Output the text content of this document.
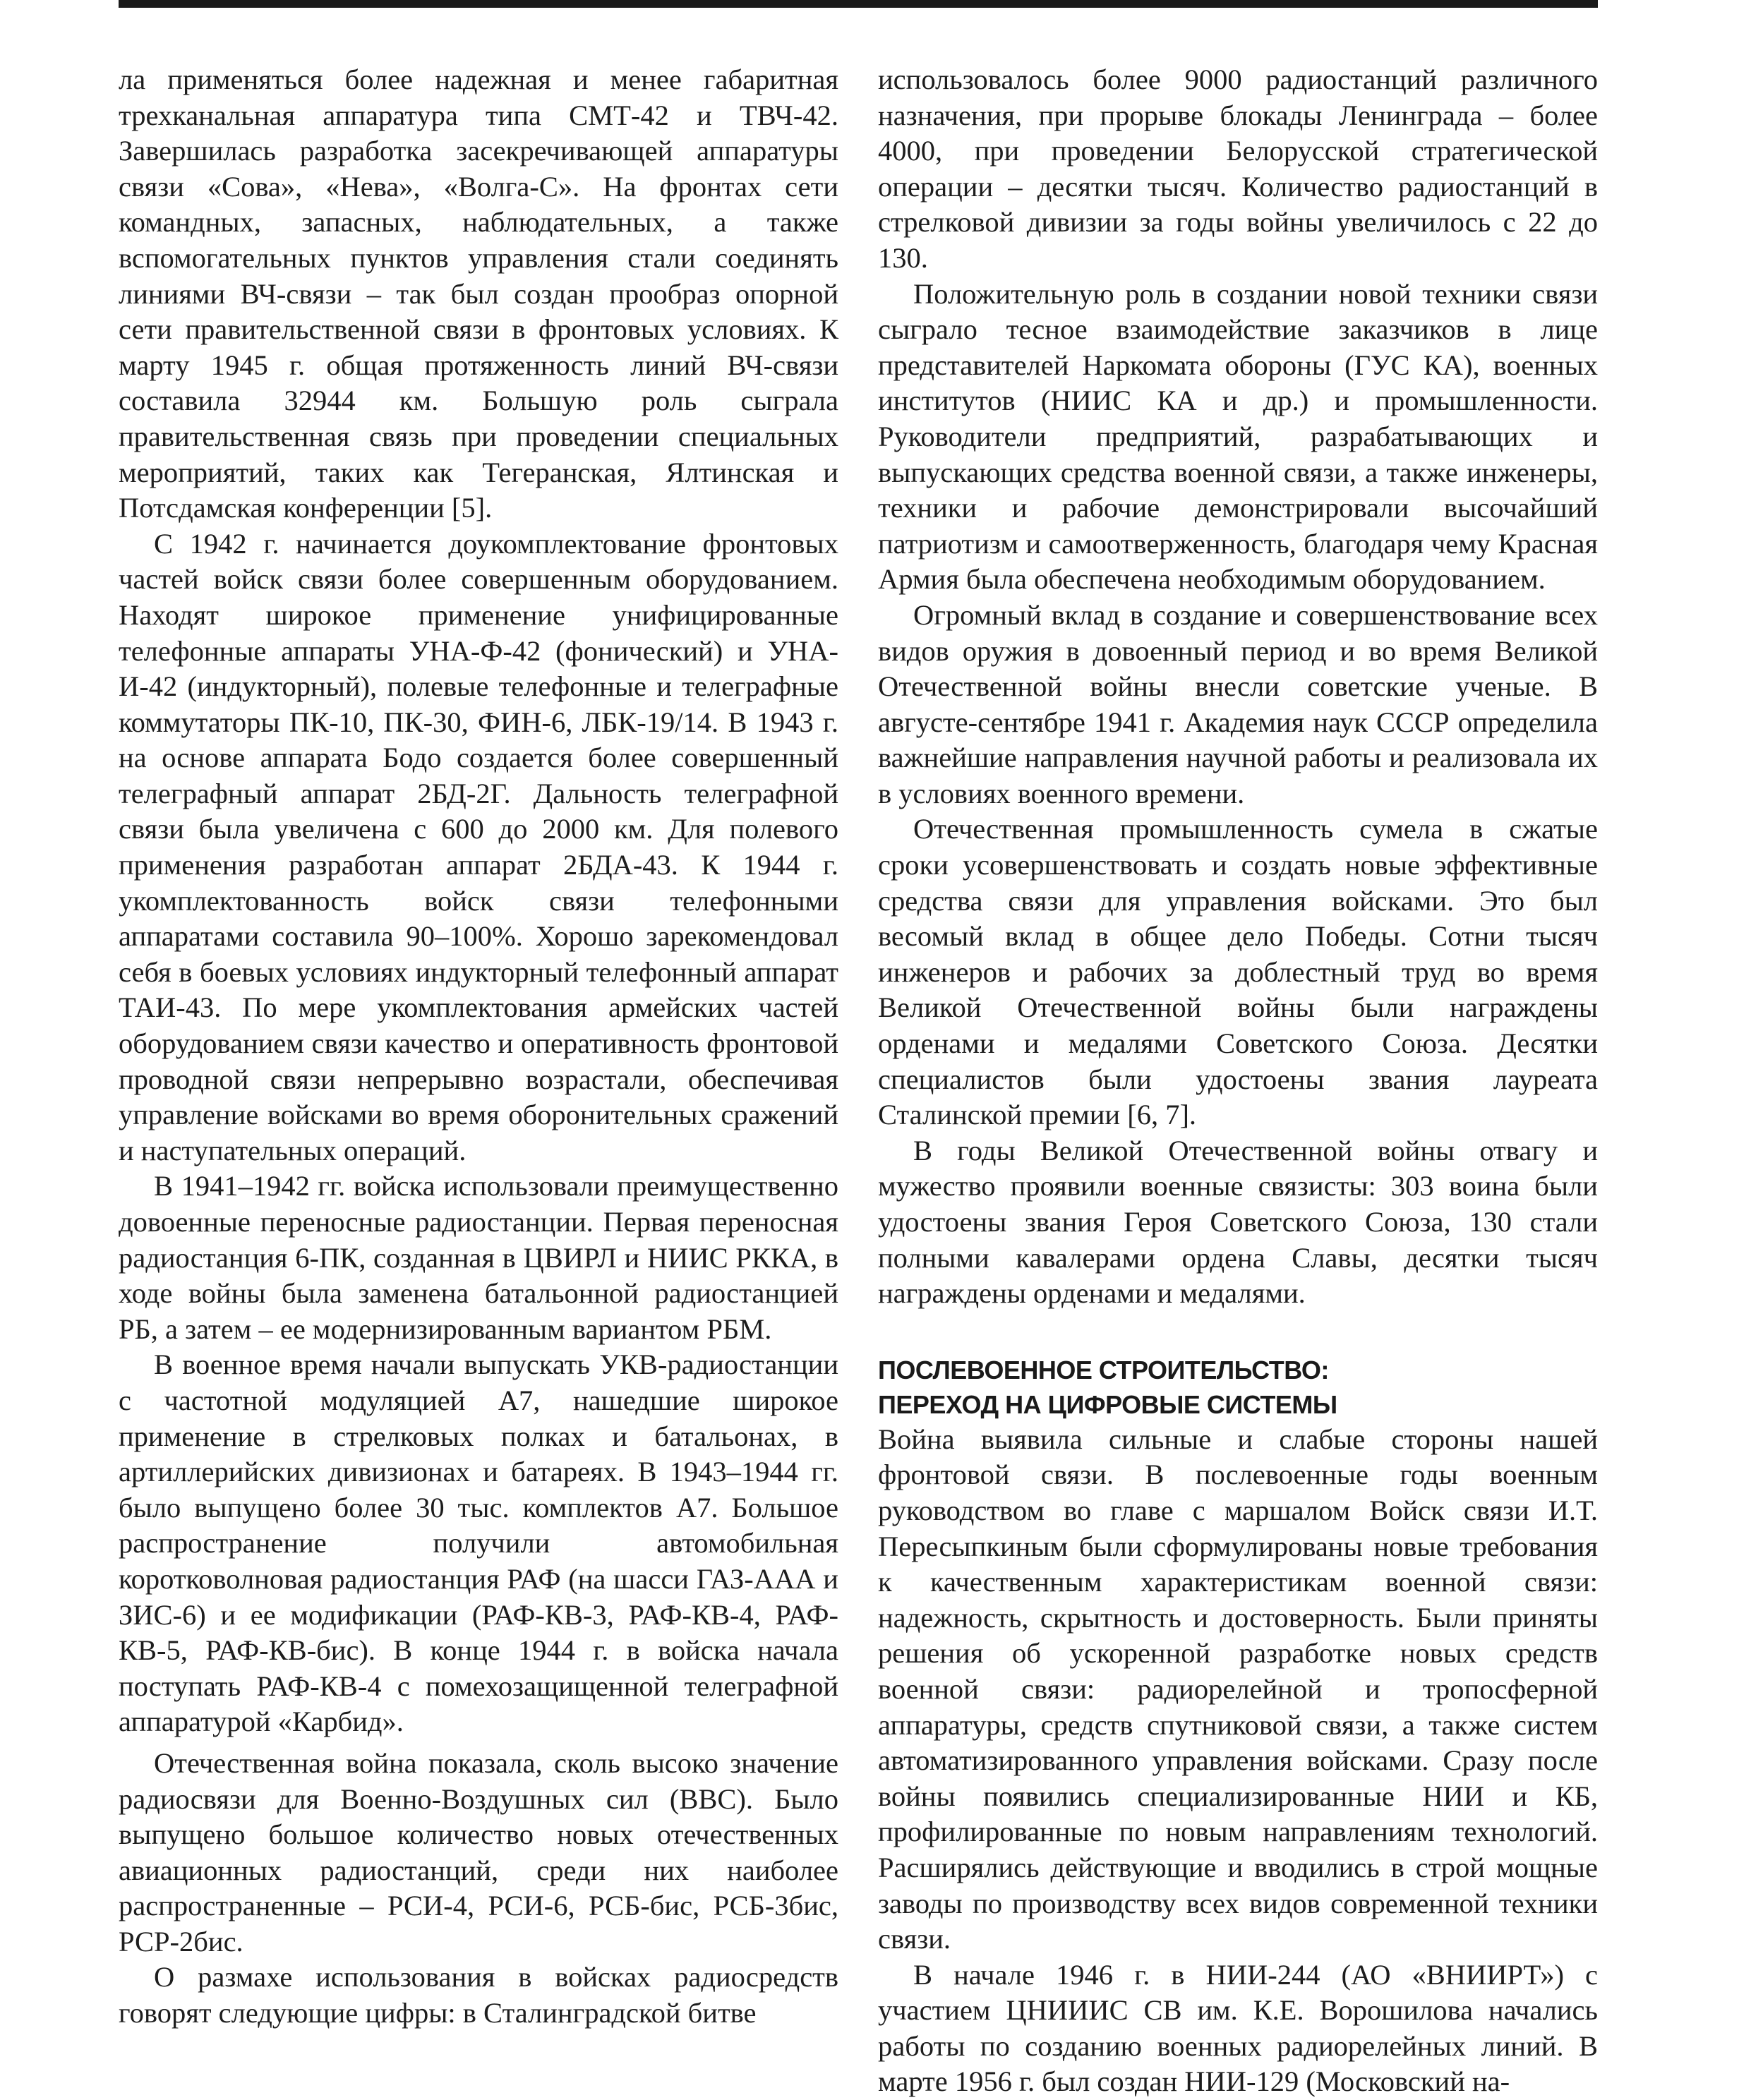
ла применяться более надежная и менее габаритная трехканальная аппаратура типа СМТ-42 и ТВЧ-42. Завершилась разработка засекречивающей аппаратуры связи «Сова», «Нева», «Волга-С». На фронтах сети командных, запасных, наблюдательных, а также вспомогательных пунктов управления стали соединять линиями ВЧ-связи – так был создан прообраз опорной сети правительственной связи в фронтовых условиях. К марту 1945 г. общая протяженность линий ВЧ-связи составила 32944 км. Большую роль сыграла правительственная связь при проведении специальных мероприятий, таких как Тегеранская, Ялтинская и Потсдамская конференции [5].

С 1942 г. начинается доукомплектование фронтовых частей войск связи более совершенным оборудованием. Находят широкое применение унифицированные телефонные аппараты УНА-Ф-42 (фонический) и УНА-И-42 (индукторный), полевые телефонные и телеграфные коммутаторы ПК-10, ПК-30, ФИН-6, ЛБК-19/14. В 1943 г. на основе аппарата Бодо создается более совершенный телеграфный аппарат 2БД-2Г. Дальность телеграфной связи была увеличена с 600 до 2000 км. Для полевого применения разработан аппарат 2БДА-43. К 1944 г. укомплектованность войск связи телефонными аппаратами составила 90–100%. Хорошо зарекомендовал себя в боевых условиях индукторный телефонный аппарат ТАИ-43. По мере укомплектования армейских частей оборудованием связи качество и оперативность фронтовой проводной связи непрерывно возрастали, обеспечивая управление войсками во время оборонительных сражений и наступательных операций.

В 1941–1942 гг. войска использовали преимущественно довоенные переносные радиостанции. Первая переносная радиостанция 6-ПК, созданная в ЦВИРЛ и НИИС РККА, в ходе войны была заменена батальонной радиостанцией РБ, а затем – ее модернизированным вариантом РБМ.

В военное время начали выпускать УКВ-радиостанции с частотной модуляцией А7, нашедшие широкое применение в стрелковых полках и батальонах, в артиллерийских дивизионах и батареях. В 1943–1944 гг. было выпущено более 30 тыс. комплектов А7. Большое распространение получили автомобильная коротковолновая радиостанция РАФ (на шасси ГАЗ-ААА и ЗИС-6) и ее модификации (РАФ-КВ-3, РАФ-КВ-4, РАФ-КВ-5, РАФ-КВ-бис). В конце 1944 г. в войска начала поступать РАФ-КВ-4 с помехозащищенной телеграфной аппаратурой «Карбид».

Отечественная война показала, сколь высоко значение радиосвязи для Военно-Воздушных сил (ВВС). Было выпущено большое количество новых отечественных авиационных радиостанций, среди них наиболее распространенные – РСИ-4, РСИ-6, РСБ-бис, РСБ-3бис, РСР-2бис.

О размахе использования в войсках радиосредств говорят следующие цифры: в Сталинградской битве

использовалось более 9000 радиостанций различного назначения, при прорыве блокады Ленинграда – более 4000, при проведении Белорусской стратегической операции – десятки тысяч. Количество радиостанций в стрелковой дивизии за годы войны увеличилось с 22 до 130.

Положительную роль в создании новой техники связи сыграло тесное взаимодействие заказчиков в лице представителей Наркомата обороны (ГУС КА), военных институтов (НИИС КА и др.) и промышленности. Руководители предприятий, разрабатывающих и выпускающих средства военной связи, а также инженеры, техники и рабочие демонстрировали высочайший патриотизм и самоотверженность, благодаря чему Красная Армия была обеспечена необходимым оборудованием.

Огромный вклад в создание и совершенствование всех видов оружия в довоенный период и во время Великой Отечественной войны внесли советские ученые. В августе-сентябре 1941 г. Академия наук СССР определила важнейшие направления научной работы и реализовала их в условиях военного времени.

Отечественная промышленность сумела в сжатые сроки усовершенствовать и создать новые эффективные средства связи для управления войсками. Это был весомый вклад в общее дело Победы. Сотни тысяч инженеров и рабочих за доблестный труд во время Великой Отечественной войны были награждены орденами и медалями Советского Союза. Десятки специалистов были удостоены звания лауреата Сталинской премии [6, 7].

В годы Великой Отечественной войны отвагу и мужество проявили военные связисты: 303 воина были удостоены звания Героя Советского Союза, 130 стали полными кавалерами ордена Славы, десятки тысяч награждены орденами и медалями.

ПОСЛЕВОЕННОЕ СТРОИТЕЛЬСТВО:
ПЕРЕХОД НА ЦИФРОВЫЕ СИСТЕМЫ

Война выявила сильные и слабые стороны нашей фронтовой связи. В послевоенные годы военным руководством во главе с маршалом Войск связи И.Т. Пересыпкиным были сформулированы новые требования к качественным характеристикам военной связи: надежность, скрытность и достоверность. Были приняты решения об ускоренной разработке новых средств военной связи: радиорелейной и тропосферной аппаратуры, средств спутниковой связи, а также систем автоматизированного управления войсками. Сразу после войны появились специализированные НИИ и КБ, профилированные по новым направлениям технологий. Расширялись действующие и вводились в строй мощные заводы по производству всех видов современной техники связи.

В начале 1946 г. в НИИ-244 (АО «ВНИИРТ») с участием ЦНИИИС СВ им. К.Е. Ворошилова начались работы по созданию военных радиорелейных линий. В марте 1956 г. был создан НИИ-129 (Московский на-
